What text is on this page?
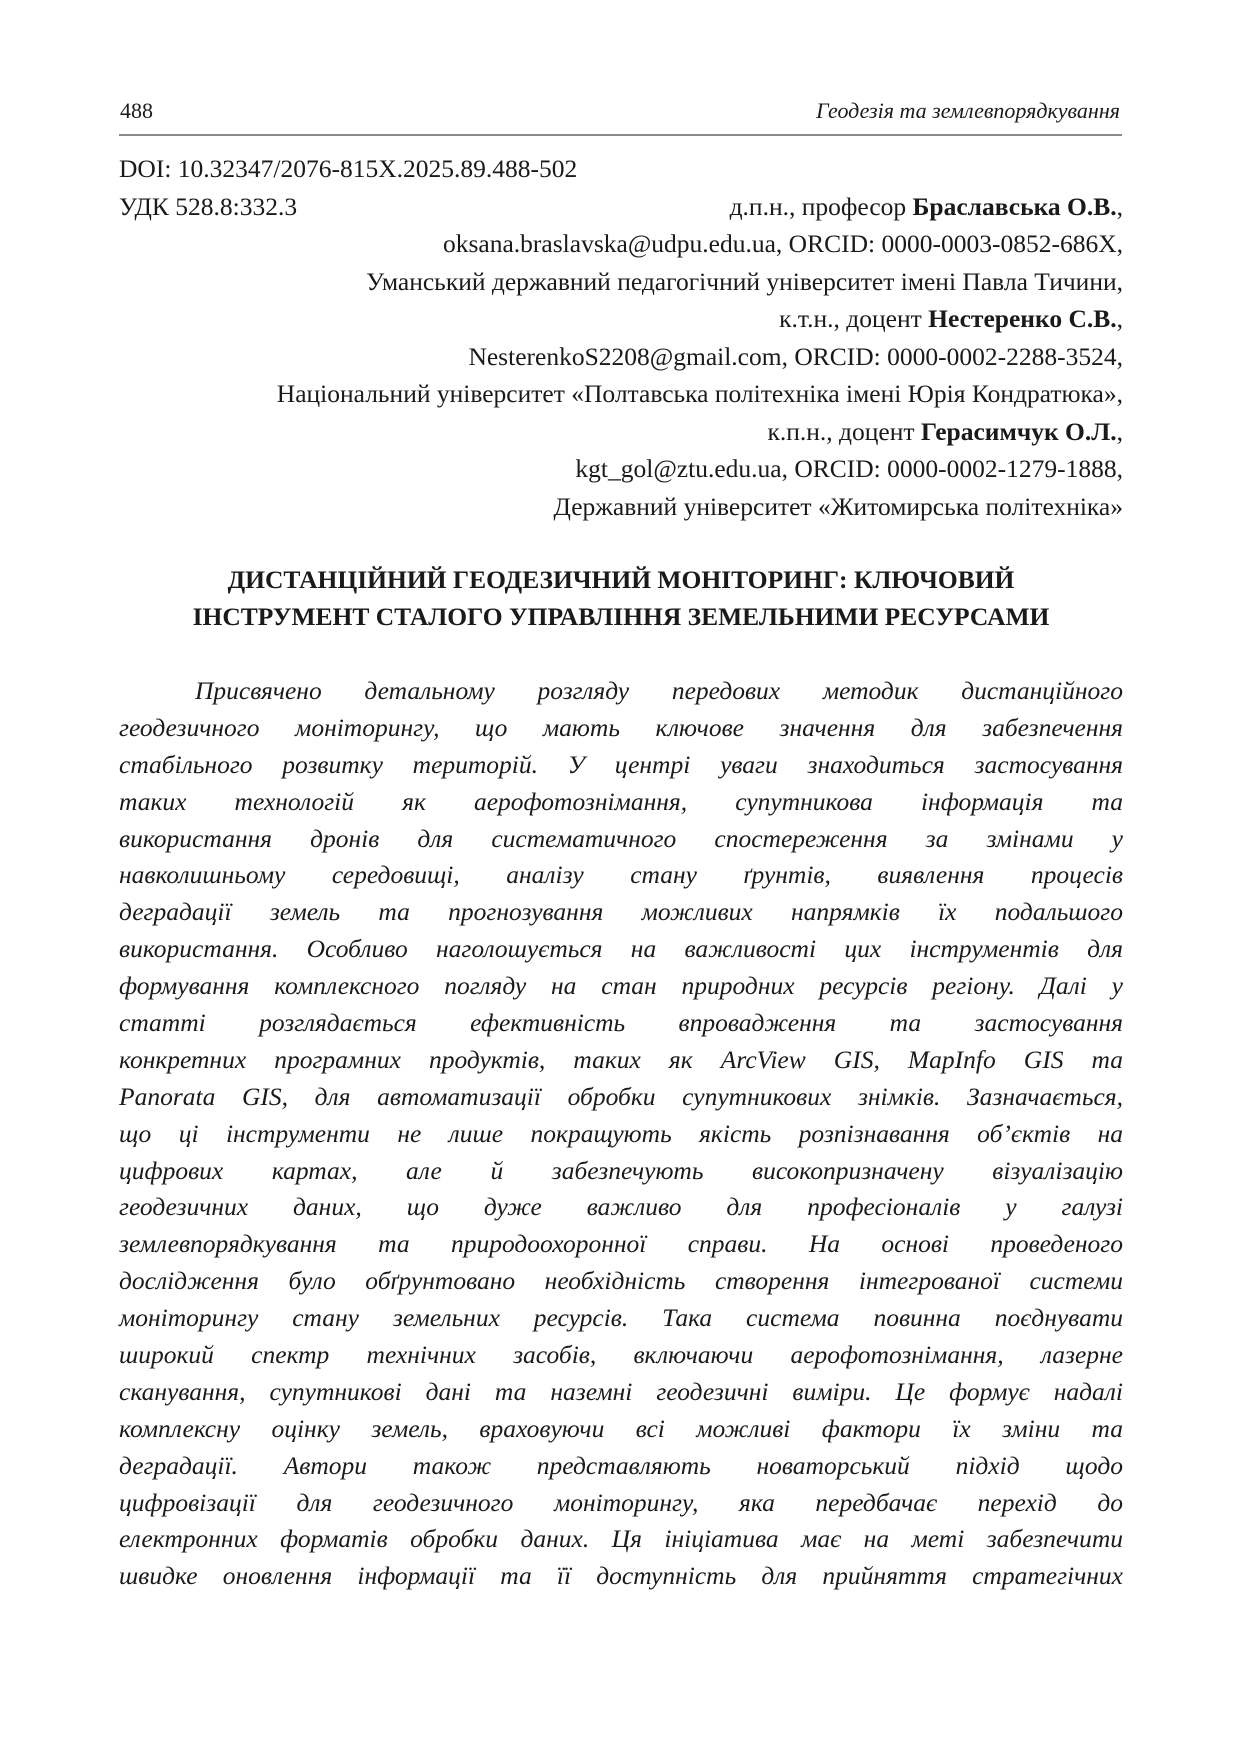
488	Геодезія та землевпорядкування
DOI: 10.32347/2076-815X.2025.89.488-502
УДК 528.8:332.3	д.п.н., професор Браславська О.В.,
oksana.braslavska@udpu.edu.ua, ORCID: 0000-0003-0852-686X,
Уманський державний педагогічний університет імені Павла Тичини,
к.т.н., доцент Нестеренко С.В.,
NesterenkoS2208@gmail.com, ORCID: 0000-0002-2288-3524,
Національний університет «Полтавська політехніка імені Юрія Кондратюка»,
к.п.н., доцент Герасимчук О.Л.,
kgt_gol@ztu.edu.ua, ORCID: 0000-0002-1279-1888,
Державний університет «Житомирська політехніка»
ДИСТАНЦІЙНИЙ ГЕОДЕЗИЧНИЙ МОНІТОРИНГ: КЛЮЧОВИЙ
ІНСТРУМЕНТ СТАЛОГО УПРАВЛІННЯ ЗЕМЕЛЬНИМИ РЕСУРСАМИ
Присвячено детальному розгляду передових методик дистанційного
геодезичного моніторингу, що мають ключове значення для забезпечення
стабільного розвитку територій. У центрі уваги знаходиться застосування
таких технологій як аерофотознімання, супутникова інформація та
використання дронів для систематичного спостереження за змінами у
навколишньому середовищі, аналізу стану ґрунтів, виявлення процесів
деградації земель та прогнозування можливих напрямків їх подальшого
використання. Особливо наголошується на важливості цих інструментів для
формування комплексного погляду на стан природних ресурсів регіону. Далі у
статті розглядається ефективність впровадження та застосування
конкретних програмних продуктів, таких як ArcView GIS, MapInfo GIS та
Panorata GIS, для автоматизації обробки супутникових знімків. Зазначається,
що ці інструменти не лише покращують якість розпізнавання об’єктів на
цифрових картах, але й забезпечують високопризначену візуалізацію
геодезичних даних, що дуже важливо для професіоналів у галузі
землевпорядкування та природоохоронної справи. На основі проведеного
дослідження було обґрунтовано необхідність створення інтегрованої системи
моніторингу стану земельних ресурсів. Така система повинна поєднувати
широкий спектр технічних засобів, включаючи аерофотознімання, лазерне
сканування, супутникові дані та наземні геодезичні виміри. Це формує надалі
комплексну оцінку земель, враховуючи всі можливі фактори їх зміни та
деградації. Автори також представляють новаторський підхід щодо
цифровізації для геодезичного моніторингу, яка передбачає перехід до
електронних форматів обробки даних. Ця ініціатива має на меті забезпечити
швидке оновлення інформації та її доступність для прийняття стратегічних
